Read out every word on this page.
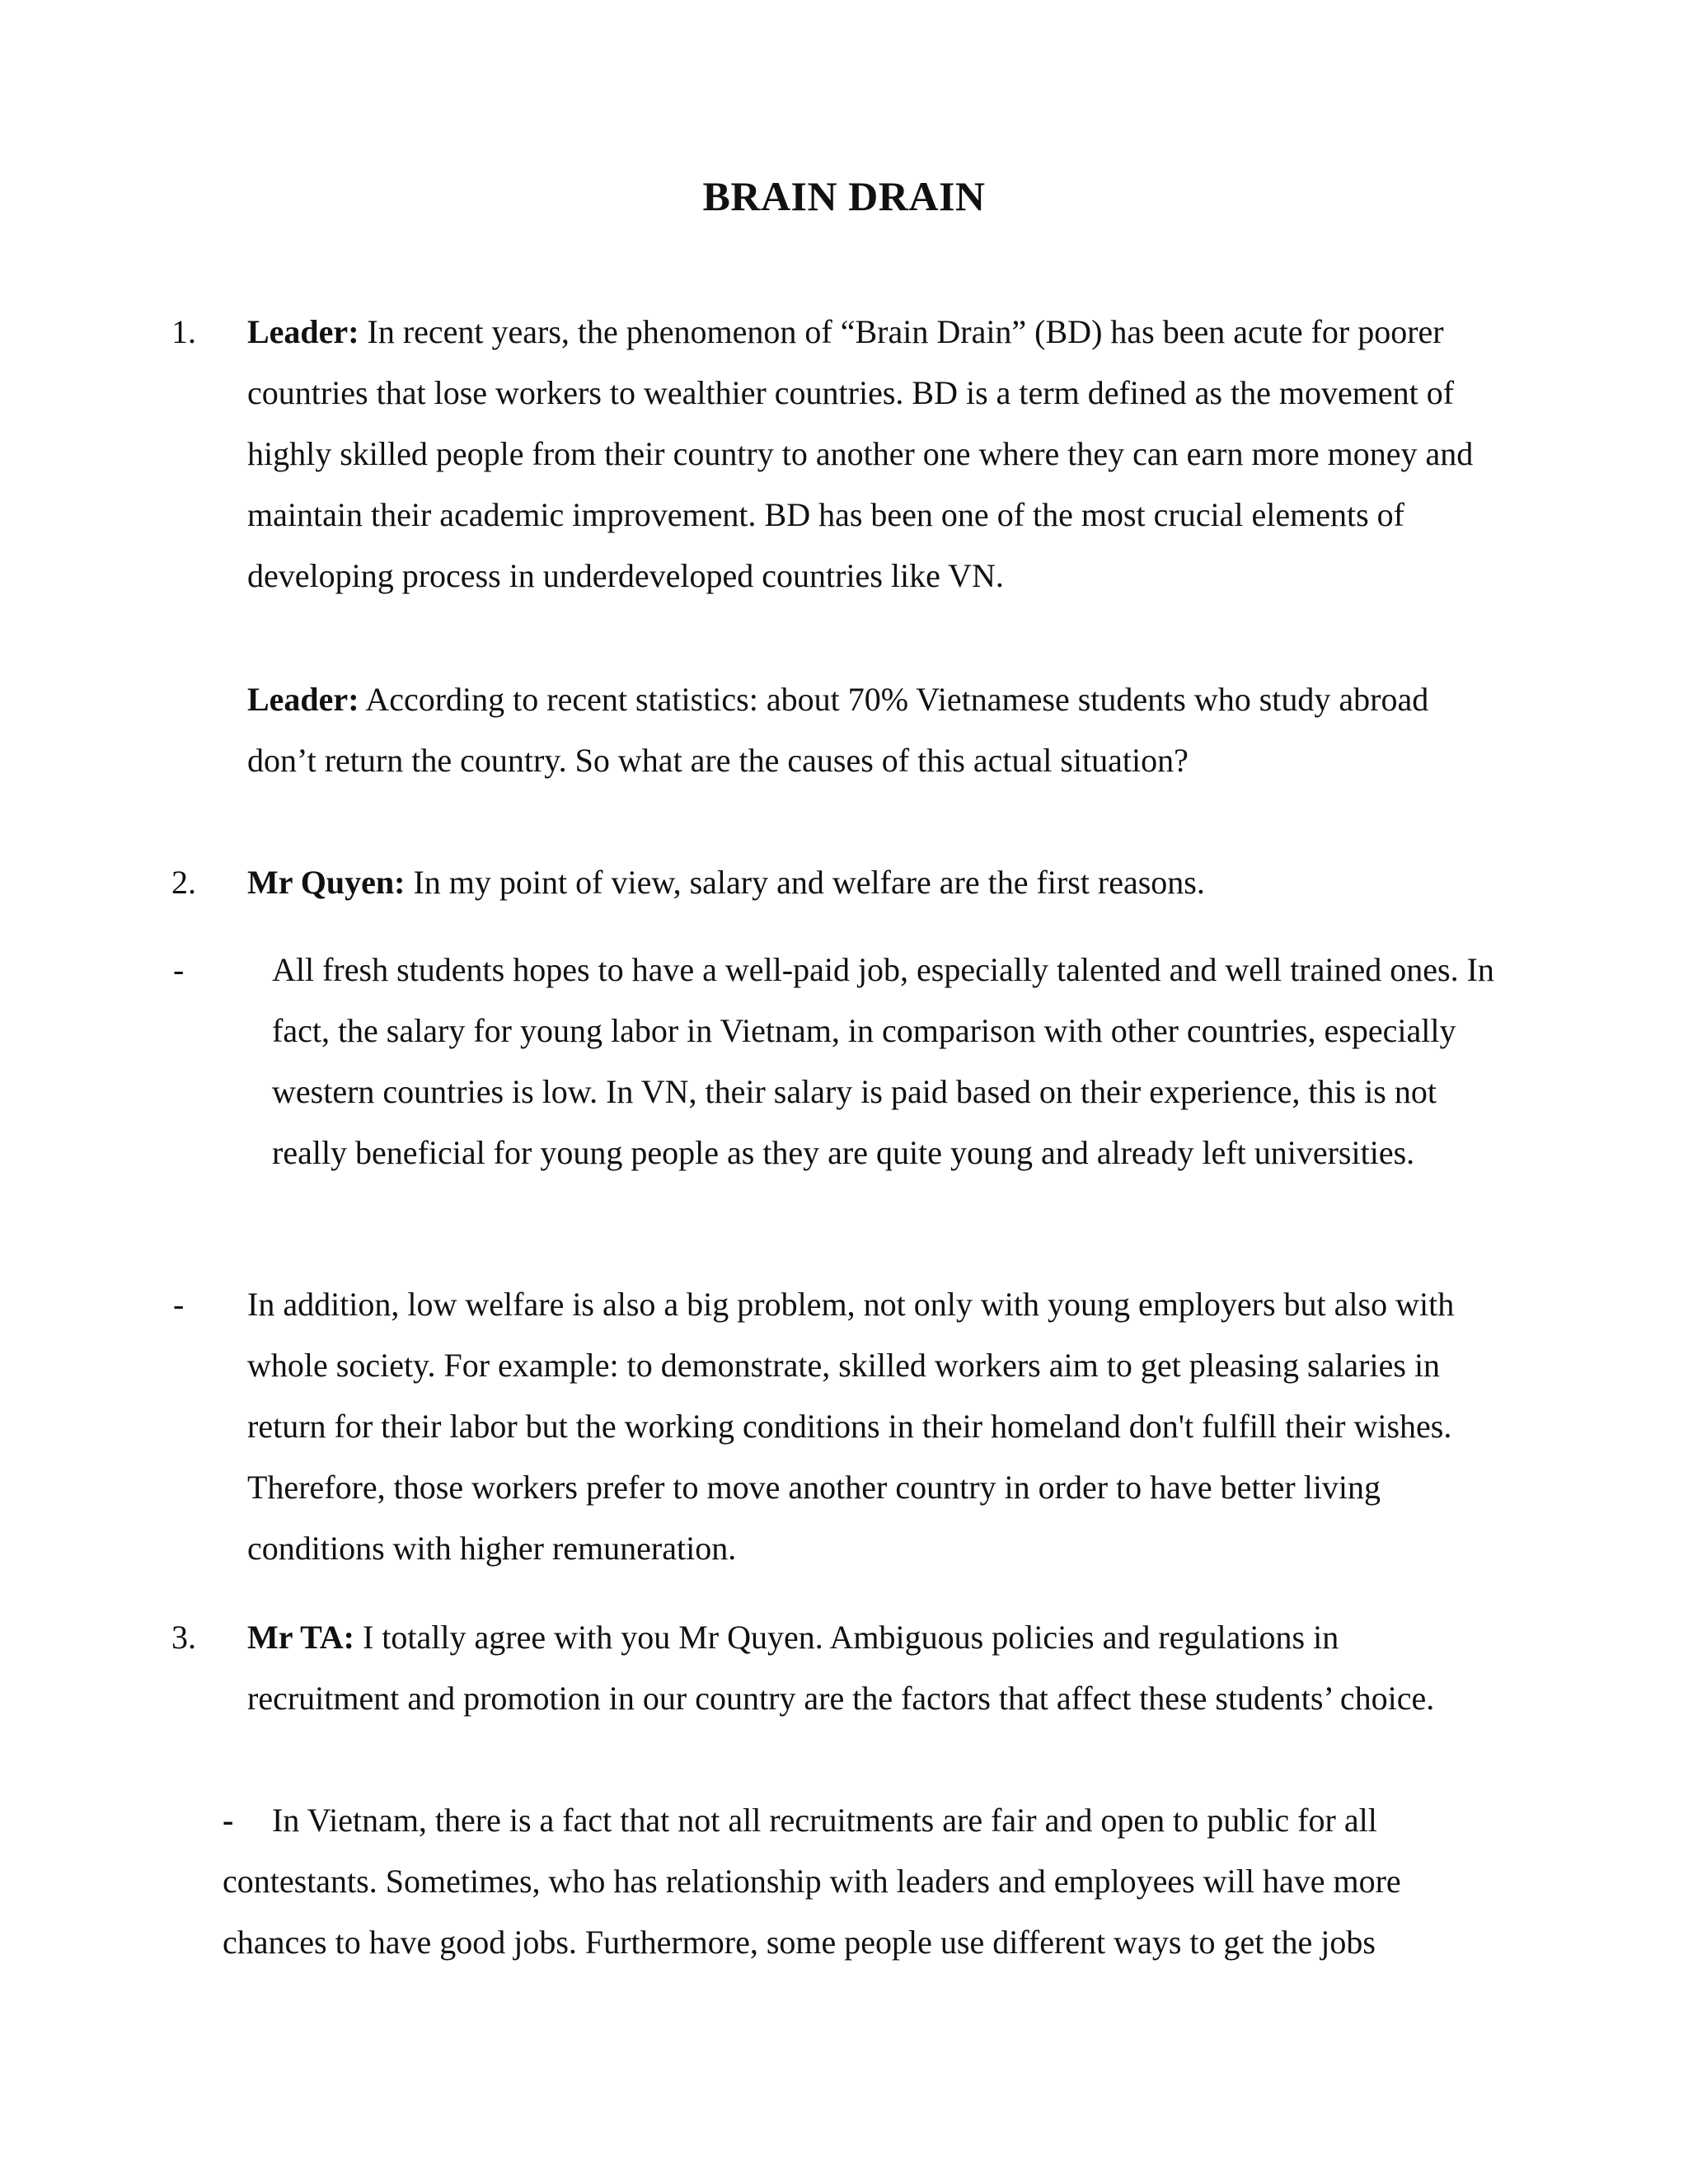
BRAIN DRAIN
1. Leader: In recent years, the phenomenon of “Brain Drain” (BD) has been acute for poorer countries that lose workers to wealthier countries. BD is a term defined as the movement of highly skilled people from their country to another one where they can earn more money and maintain their academic improvement. BD has been one of the most crucial elements of developing process in underdeveloped countries like VN.
Leader: According to recent statistics: about 70% Vietnamese students who study abroad don’t return the country. So what are the causes of this actual situation?
2. Mr Quyen: In my point of view, salary and welfare are the first reasons.
-	All fresh students hopes to have a well-paid job, especially talented and well trained ones. In fact, the salary for young labor in Vietnam, in comparison with other countries, especially western countries is low. In VN, their salary is paid based on their experience, this is not really beneficial for young people as they are quite young and already left universities.
- In addition, low welfare is also a big problem, not only with young employers but also with whole society. For example: to demonstrate, skilled workers aim to get pleasing salaries in return for their labor but the working conditions in their homeland don't fulfill their wishes. Therefore, those workers prefer to move another country in order to have better living conditions with higher remuneration.
3. Mr TA: I totally agree with you Mr Quyen. Ambiguous policies and regulations in recruitment and promotion in our country are the factors that affect these students’ choice.
- In Vietnam, there is a fact that not all recruitments are fair and open to public for all contestants. Sometimes, who has relationship with leaders and employees will have more chances to have good jobs. Furthermore, some people use different ways to get the jobs
